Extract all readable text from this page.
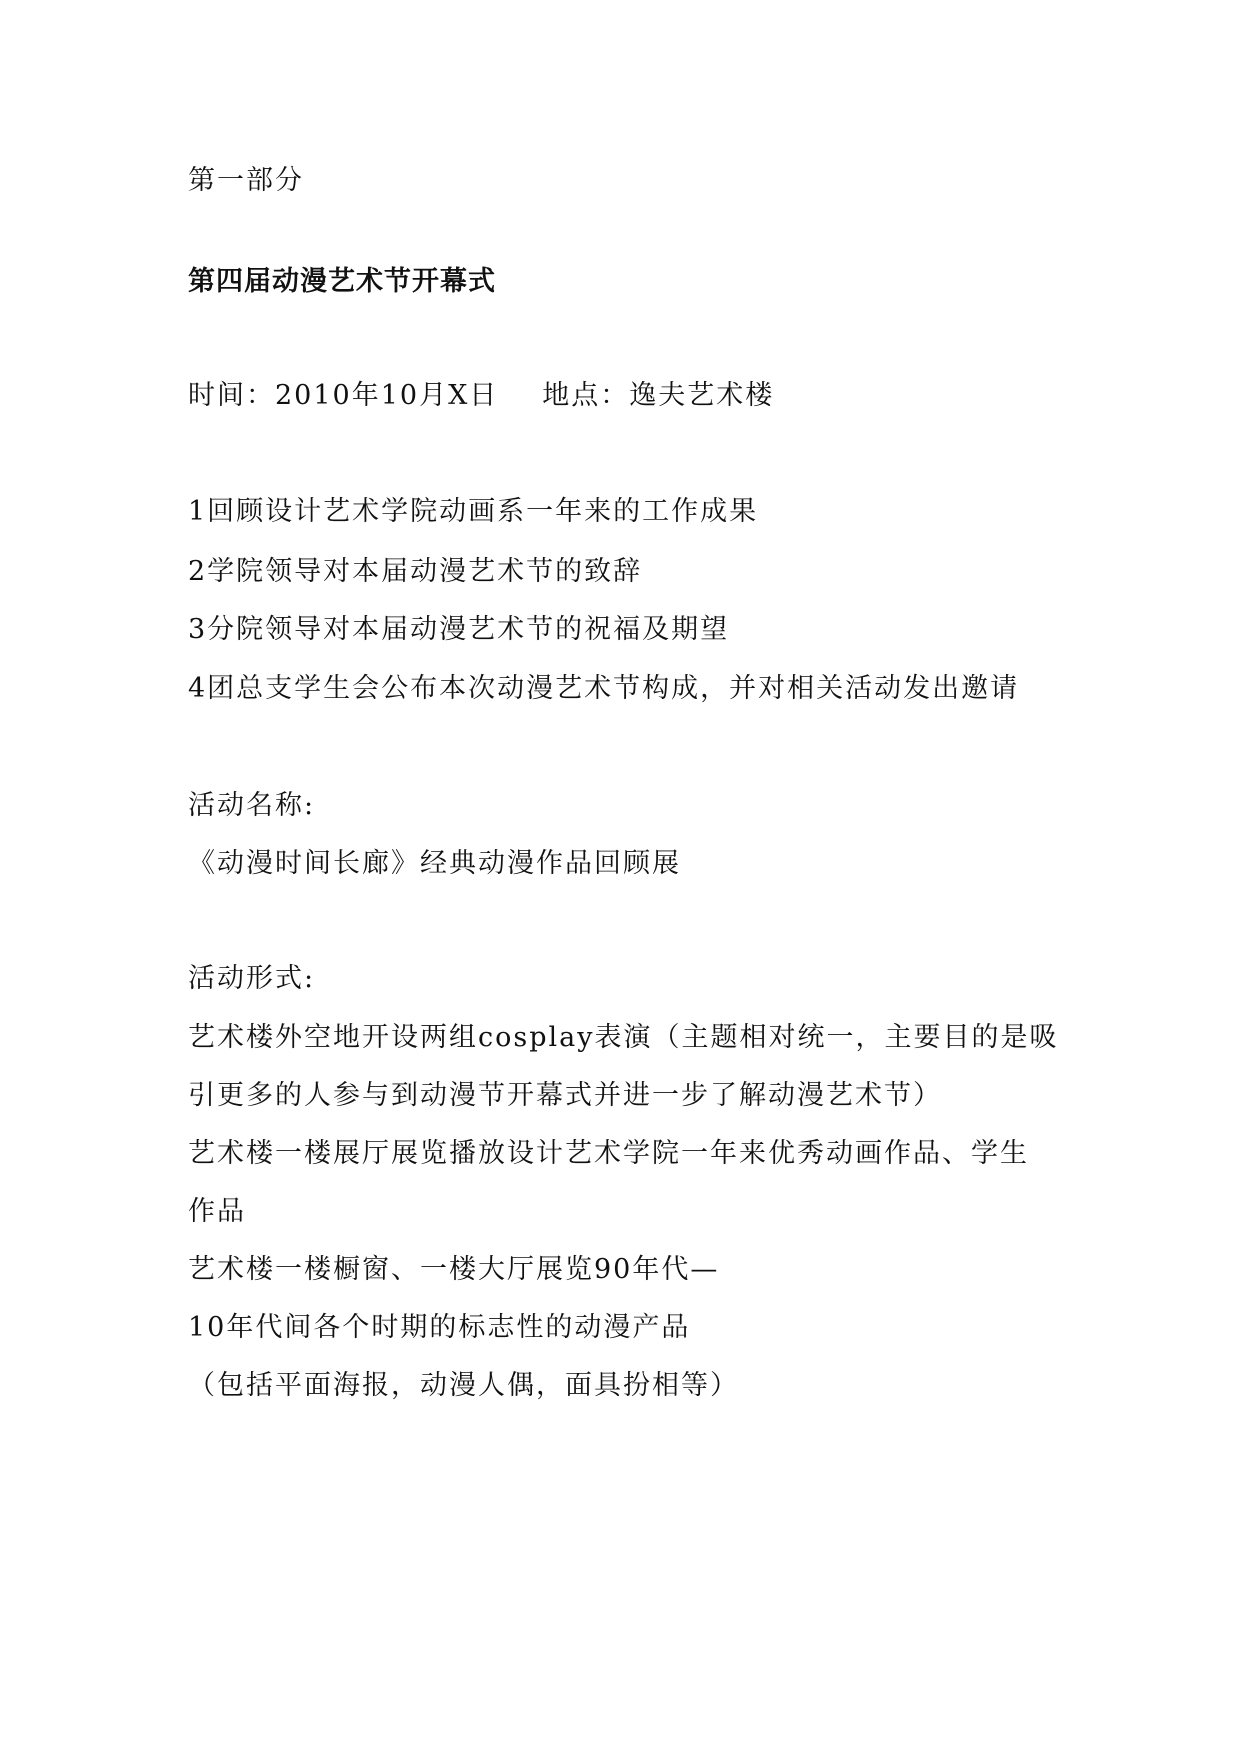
第一部分
第四届动漫艺术节开幕式
时间：2010年10月X日 地点：逸夫艺术楼
1回顾设计艺术学院动画系一年来的工作成果
2学院领导对本届动漫艺术节的致辞
3分院领导对本届动漫艺术节的祝福及期望
4团总支学生会公布本次动漫艺术节构成，并对相关活动发出邀请
活动名称:
《动漫时间长廊》经典动漫作品回顾展
活动形式:
艺术楼外空地开设两组cosplay表演（主题相对统一，主要目的是吸
引更多的人参与到动漫节开幕式并进一步了解动漫艺术节）
艺术楼一楼展厅展览播放设计艺术学院一年来优秀动画作品、学生
作品
艺术楼一楼橱窗、一楼大厅展览90年代—
10年代间各个时期的标志性的动漫产品
（包括平面海报，动漫人偶，面具扮相等）
